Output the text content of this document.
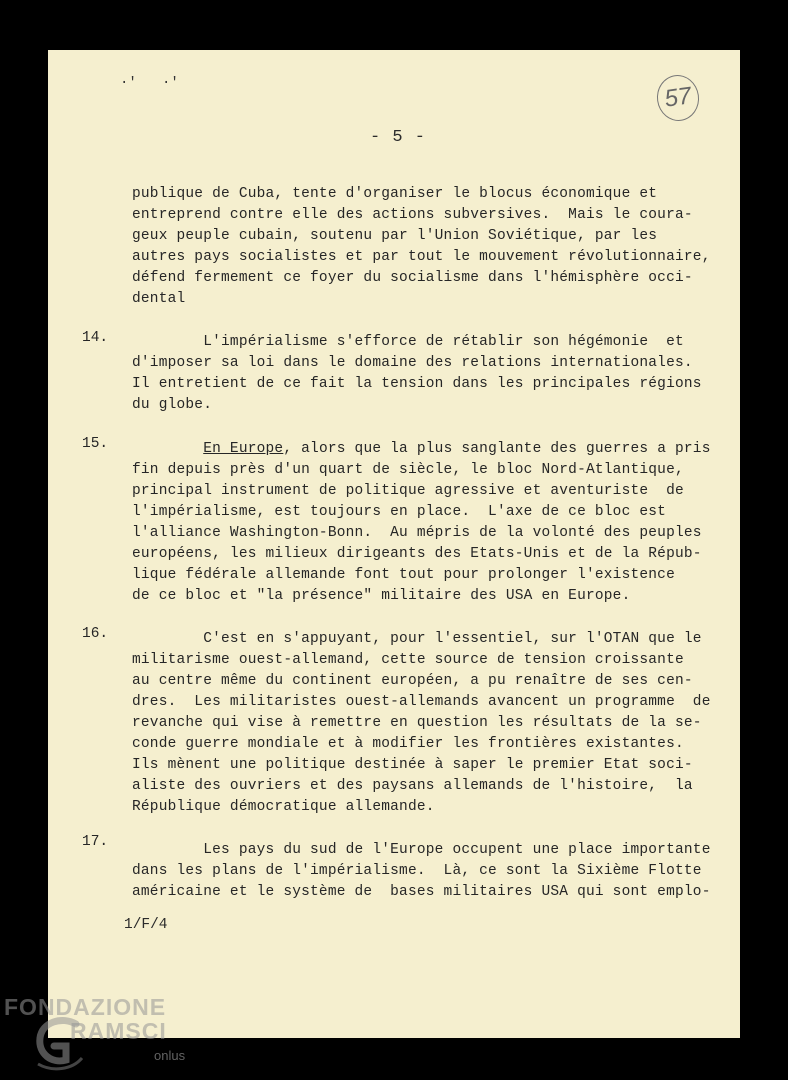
·' ·'	57
- 5 -
publique de Cuba, tente d'organiser le blocus économique et
entreprend contre elle des actions subversives.  Mais le coura-
geux peuple cubain, soutenu par l'Union Soviétique, par les
autres pays socialistes et par tout le mouvement révolutionnaire,
défend fermement ce foyer du socialisme dans l'hémisphère occi-
dental
14. L'impérialisme s'efforce de rétablir son hégémonie  et
d'imposer sa loi dans le domaine des relations internationales.
Il entretient de ce fait la tension dans les principales régions
du globe.
15.	En Europe, alors que la plus sanglante des guerres a pris
fin depuis près d'un quart de siècle, le bloc Nord-Atlantique,
principal instrument de politique agressive et aventuriste  de
l'impérialisme, est toujours en place.  L'axe de ce bloc est
l'alliance Washington-Bonn.  Au mépris de la volonté des peuples
européens, les milieux dirigeants des Etats-Unis et de la Répub-
lique fédérale allemande font tout pour prolonger l'existence
de ce bloc et "la présence" militaire des USA en Europe.
16. C'est en s'appuyant, pour l'essentiel, sur l'OTAN que le
militarisme ouest-allemand, cette source de tension croissante
au centre même du continent européen, a pu renaître de ses cen-
dres.  Les militaristes ouest-allemands avancent un programme  de
revanche qui vise à remettre en question les résultats de la se-
conde guerre mondiale et à modifier les frontières existantes.
Ils mènent une politique destinée à saper le premier Etat soci-
aliste des ouvriers et des paysans allemands de l'histoire,  la
République démocratique allemande.
17. Les pays du sud de l'Europe occupent une place importante
dans les plans de l'impérialisme.  Là, ce sont la Sixième Flotte
américaine et le système de  bases militaires USA qui sont emplo-
1/F/4
FONDAZIONE
RAMSCI
onlus
